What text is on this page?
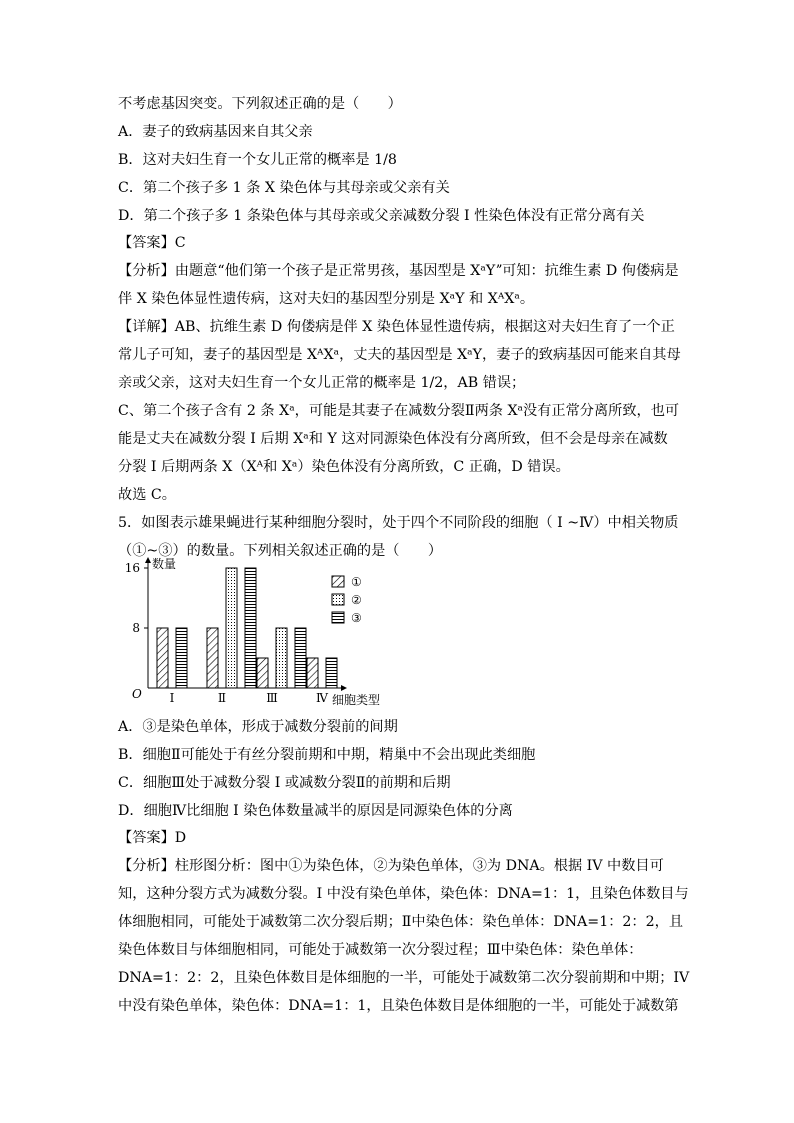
不考虑基因突变。下列叙述正确的是（　　）
A．妻子的致病基因来自其父亲
B．这对夫妇生育一个女儿正常的概率是 1/8
C．第二个孩子多 1 条 X 染色体与其母亲或父亲有关
D．第二个孩子多 1 条染色体与其母亲或父亲减数分裂 I 性染色体没有正常分离有关
【答案】C
【分析】由题意“他们第一个孩子是正常男孩，基因型是 XᵃYˮ可知：抗维生素 D 佝偻病是
伴 X 染色体显性遗传病，这对夫妇的基因型分别是 XᵃY 和 XᴬXᵃ。
【详解】AB、抗维生素 D 佝偻病是伴 X 染色体显性遗传病，根据这对夫妇生育了一个正
常儿子可知，妻子的基因型是 XᴬXᵃ，丈夫的基因型是 XᵃY，妻子的致病基因可能来自其母
亲或父亲，这对夫妇生育一个女儿正常的概率是 1/2，AB 错误；
C、第二个孩子含有 2 条 Xᵃ，可能是其妻子在减数分裂Ⅱ两条 Xᵃ没有正常分离所致，也可
能是丈夫在减数分裂 I 后期 Xᵃ和 Y 这对同源染色体没有分离所致，但不会是母亲在减数
分裂 I 后期两条 X（Xᴬ和 Xᵃ）染色体没有分离所致，C 正确，D 错误。
故选 C。
5．如图表示雄果蝇进行某种细胞分裂时，处于四个不同阶段的细胞（ I ~Ⅳ）中相关物质
（①~③）的数量。下列相关叙述正确的是（　　）
数量
细胞类型
O I	Ⅱ	Ⅲ	Ⅳ
8
16
①
②
③
A．③是染色单体，形成于减数分裂前的间期
B．细胞Ⅱ可能处于有丝分裂前期和中期，精巢中不会出现此类细胞
C．细胞Ⅲ处于减数分裂 I 或减数分裂Ⅱ的前期和后期
D．细胞Ⅳ比细胞 I 染色体数量减半的原因是同源染色体的分离
【答案】D
【分析】柱形图分析：图中①为染色体，②为染色单体，③为 DNA。根据 IV 中数目可
知，这种分裂方式为减数分裂。I 中没有染色单体，染色体：DNA=1：1，且染色体数目与
体细胞相同，可能处于减数第二次分裂后期；Ⅱ中染色体：染色单体：DNA=1：2：2，且
染色体数目与体细胞相同，可能处于减数第一次分裂过程；Ⅲ中染色体：染色单体：
DNA=1：2：2，且染色体数目是体细胞的一半，可能处于减数第二次分裂前期和中期；IV
中没有染色单体，染色体：DNA=1：1，且染色体数目是体细胞的一半，可能处于减数第
